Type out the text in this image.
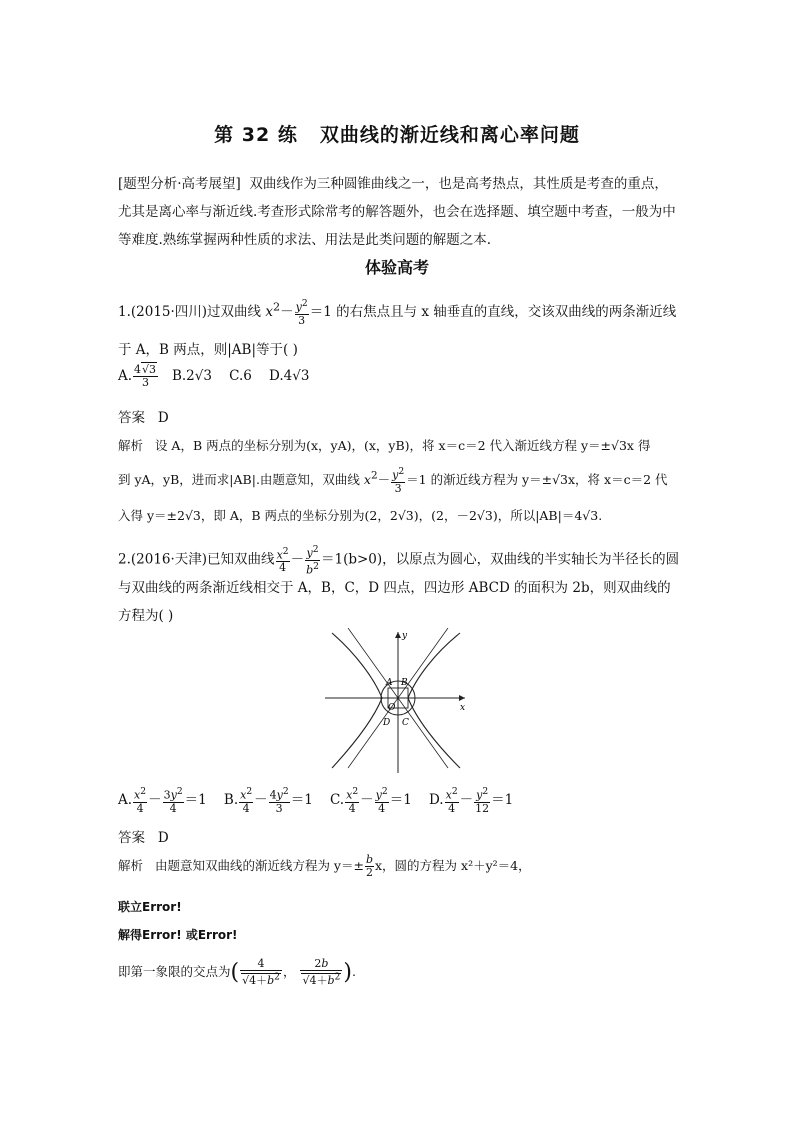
第 32 练 双曲线的渐近线和离心率问题
[题型分析·高考展望] 双曲线作为三种圆锥曲线之一，也是高考热点，其性质是考查的重点，尤其是离心率与渐近线.考查形式除常考的解答题外，也会在选择题、填空题中考查，一般为中等难度.熟练掌握两种性质的求法、用法是此类问题的解题之本.
体验高考
1.(2015·四川)过双曲线 $x^2- \frac{y^2}{3} =1$ 的右焦点且与 x 轴垂直的直线，交该双曲线的两条渐近线
于 A，B 两点，则|AB|等于( )
A. $\frac{4√3}{3} B.2√3$ C.6 D.4√3
答案 D
解析 设 A，B 两点的坐标分别为(x，yA)，(x，yB)，将 x＝c＝2 代入渐近线方程 y＝±√3x 得
到 yA，yB，进而求|AB|.由题意知，双曲线 $x^2- \frac{y^2}{3} =1$ 的渐近线方程为 y＝±√3x，将 x＝c＝2 代
入得 y＝±2√3，即 A，B 两点的坐标分别为(2，2√3)，(2，－2√3)，所以|AB|＝4√3.
2.(2016·天津)已知双曲线 $\frac{x^2}{4} - \frac{y^2}{b^2} =1(b>0)$，以原点为圆心，双曲线的半实轴长为半径长的圆
与双曲线的两条渐近线相交于 A，B，C，D 四点，四边形 ABCD 的面积为 2b，则双曲线的
方程为( )
x
y
O
A B
C
D
A. $\frac{x^2}{4} - \frac{3y^2}{4} =1$    B. $\frac{x^2}{4} - \frac{4y^2}{3} =1$    C. $\frac{x^2}{4} - \frac{y^2}{4} =1$    D. $\frac{x^2}{4} - \frac{y^2}{12} =1$
答案 D
解析 由题意知双曲线的渐近线方程为 $y=\pm \frac{b}{2}$ x，圆的方程为 x²＋y²＝4，
联立Error!
解得Error! 或Error!
即第一象限的交点为( $\frac{4}{√4+b^2}$ ， $\frac{2b}{√4+b^2}$ ).
